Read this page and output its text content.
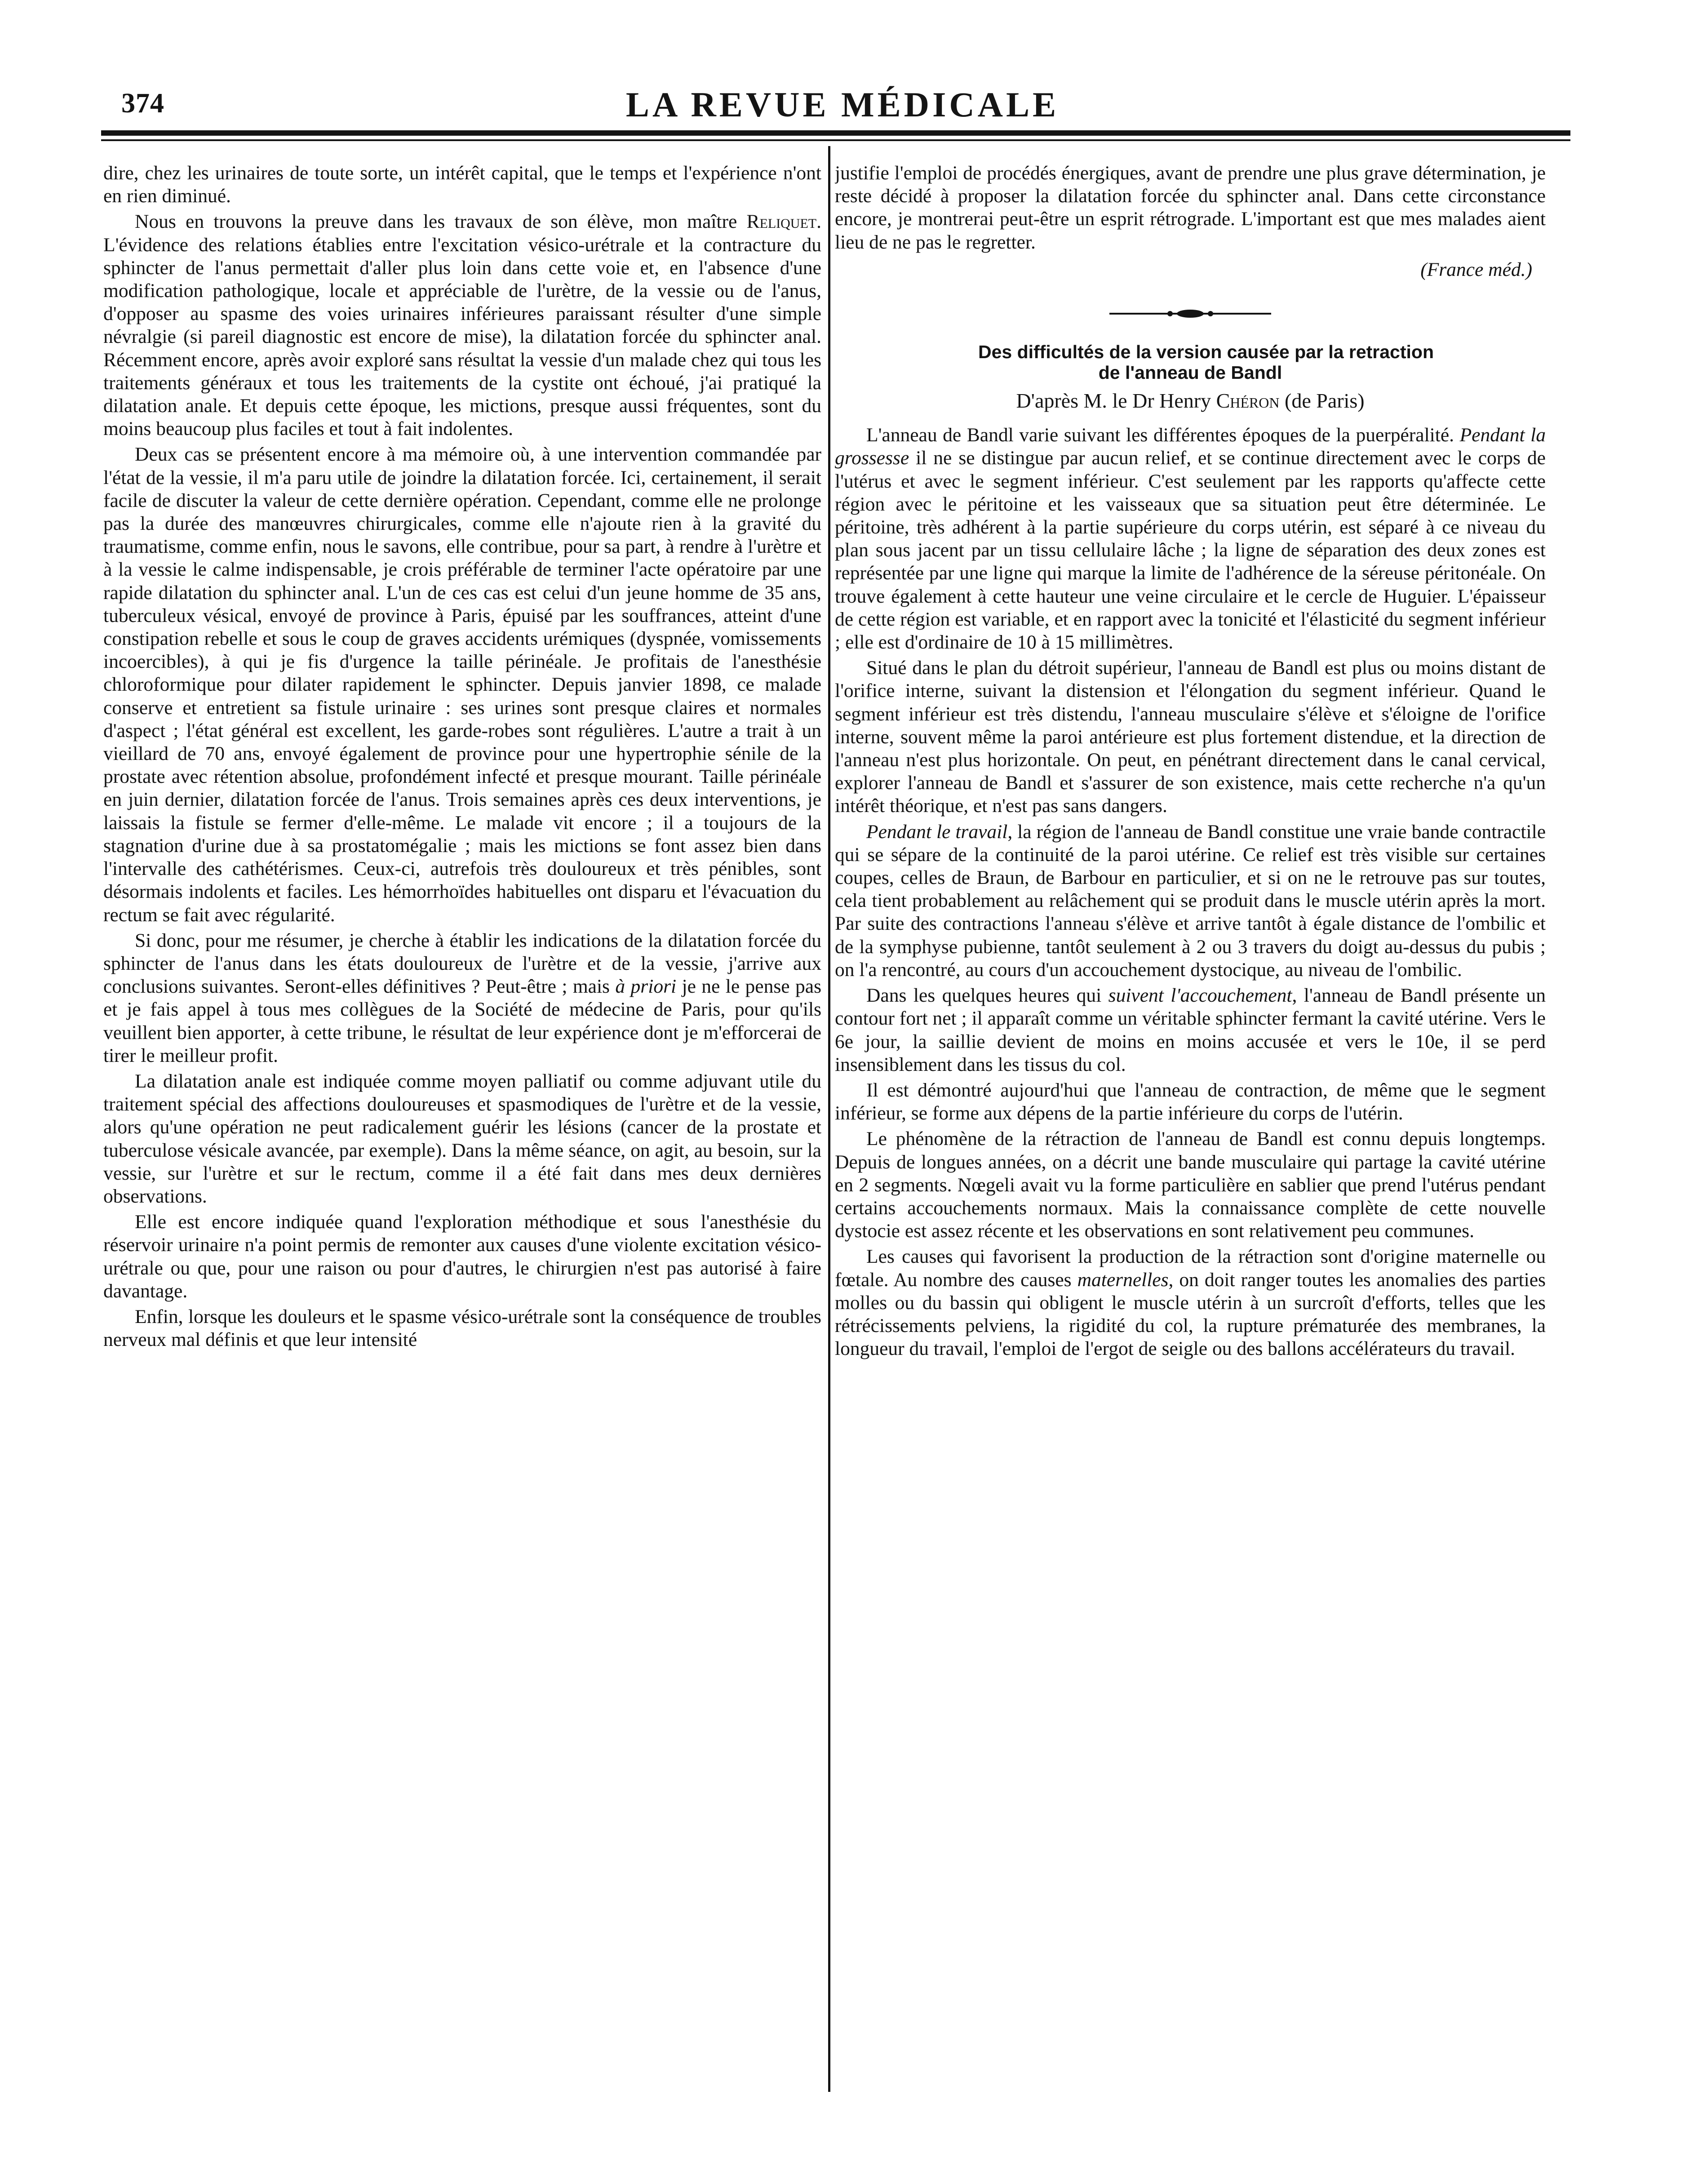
374	LA REVUE MÉDICALE

dire, chez les urinaires de toute sorte, un intérêt capital, que le temps et l'expérience n'ont en rien diminué.

Nous en trouvons la preuve dans les travaux de son élève, mon maître Reliquet. L'évidence des relations établies entre l'excitation vésico-urétrale et la contracture du sphincter de l'anus permettait d'aller plus loin dans cette voie et, en l'absence d'une modification pathologique, locale et appréciable de l'urètre, de la vessie ou de l'anus, d'opposer au spasme des voies urinaires inférieures paraissant résulter d'une simple névralgie (si pareil diagnostic est encore de mise), la dilatation forcée du sphincter anal. Récemment encore, après avoir exploré sans résultat la vessie d'un malade chez qui tous les traitements généraux et tous les traitements de la cystite ont échoué, j'ai pratiqué la dilatation anale. Et depuis cette époque, les mictions, presque aussi fréquentes, sont du moins beaucoup plus faciles et tout à fait indolentes.

Deux cas se présentent encore à ma mémoire où, à une intervention commandée par l'état de la vessie, il m'a paru utile de joindre la dilatation forcée. Ici, certainement, il serait facile de discuter la valeur de cette dernière opération. Cependant, comme elle ne prolonge pas la durée des manœuvres chirurgicales, comme elle n'ajoute rien à la gravité du traumatisme, comme enfin, nous le savons, elle contribue, pour sa part, à rendre à l'urètre et à la vessie le calme indispensable, je crois préférable de terminer l'acte opératoire par une rapide dilatation du sphincter anal. L'un de ces cas est celui d'un jeune homme de 35 ans, tuberculeux vésical, envoyé de province à Paris, épuisé par les souffrances, atteint d'une constipation rebelle et sous le coup de graves accidents urémiques (dyspnée, vomissements incoercibles), à qui je fis d'urgence la taille périnéale. Je profitais de l'anesthésie chloroformique pour dilater rapidement le sphincter. Depuis janvier 1898, ce malade conserve et entretient sa fistule urinaire : ses urines sont presque claires et normales d'aspect ; l'état général est excellent, les garde-robes sont régulières. L'autre a trait à un vieillard de 70 ans, envoyé également de province pour une hypertrophie sénile de la prostate avec rétention absolue, profondément infecté et presque mourant. Taille périnéale en juin dernier, dilatation forcée de l'anus. Trois semaines après ces deux interventions, je laissais la fistule se fermer d'elle-même. Le malade vit encore ; il a toujours de la stagnation d'urine due à sa prostatomégalie ; mais les mictions se font assez bien dans l'intervalle des cathétérismes. Ceux-ci, autrefois très douloureux et très pénibles, sont désormais indolents et faciles. Les hémorrhoïdes habituelles ont disparu et l'évacuation du rectum se fait avec régularité.

Si donc, pour me résumer, je cherche à établir les indications de la dilatation forcée du sphincter de l'anus dans les états douloureux de l'urètre et de la vessie, j'arrive aux conclusions suivantes. Seront-elles définitives ? Peut-être ; mais à priori je ne le pense pas et je fais appel à tous mes collègues de la Société de médecine de Paris, pour qu'ils veuillent bien apporter, à cette tribune, le résultat de leur expérience dont je m'efforcerai de tirer le meilleur profit.

La dilatation anale est indiquée comme moyen palliatif ou comme adjuvant utile du traitement spécial des affections douloureuses et spasmodiques de l'urètre et de la vessie, alors qu'une opération ne peut radicalement guérir les lésions (cancer de la prostate et tuberculose vésicale avancée, par exemple). Dans la même séance, on agit, au besoin, sur la vessie, sur l'urètre et sur le rectum, comme il a été fait dans mes deux dernières observations.

Elle est encore indiquée quand l'exploration méthodique et sous l'anesthésie du réservoir urinaire n'a point permis de remonter aux causes d'une violente excitation vésico-urétrale ou que, pour une raison ou pour d'autres, le chirurgien n'est pas autorisé à faire davantage.

Enfin, lorsque les douleurs et le spasme vésico-urétrale sont la conséquence de troubles nerveux mal définis et que leur intensité

justifie l'emploi de procédés énergiques, avant de prendre une plus grave détermination, je reste décidé à proposer la dilatation forcée du sphincter anal. Dans cette circonstance encore, je montrerai peut-être un esprit rétrograde. L'important est que mes malades aient lieu de ne pas le regretter.

(France méd.)

Des difficultés de la version causée par la retraction
de l'anneau de Bandl

D'après M. le Dr Henry Chéron (de Paris)

L'anneau de Bandl varie suivant les différentes époques de la puerpéralité. Pendant la grossesse il ne se distingue par aucun relief, et se continue directement avec le corps de l'utérus et avec le segment inférieur. C'est seulement par les rapports qu'affecte cette région avec le péritoine et les vaisseaux que sa situation peut être déterminée. Le péritoine, très adhérent à la partie supérieure du corps utérin, est séparé à ce niveau du plan sous jacent par un tissu cellulaire lâche ; la ligne de séparation des deux zones est représentée par une ligne qui marque la limite de l'adhérence de la séreuse péritonéale. On trouve également à cette hauteur une veine circulaire et le cercle de Huguier. L'épaisseur de cette région est variable, et en rapport avec la tonicité et l'élasticité du segment inférieur ; elle est d'ordinaire de 10 à 15 millimètres.

Situé dans le plan du détroit supérieur, l'anneau de Bandl est plus ou moins distant de l'orifice interne, suivant la distension et l'élongation du segment inférieur. Quand le segment inférieur est très distendu, l'anneau musculaire s'élève et s'éloigne de l'orifice interne, souvent même la paroi antérieure est plus fortement distendue, et la direction de l'anneau n'est plus horizontale. On peut, en pénétrant directement dans le canal cervical, explorer l'anneau de Bandl et s'assurer de son existence, mais cette recherche n'a qu'un intérêt théorique, et n'est pas sans dangers.

Pendant le travail, la région de l'anneau de Bandl constitue une vraie bande contractile qui se sépare de la continuité de la paroi utérine. Ce relief est très visible sur certaines coupes, celles de Braun, de Barbour en particulier, et si on ne le retrouve pas sur toutes, cela tient probablement au relâchement qui se produit dans le muscle utérin après la mort. Par suite des contractions l'anneau s'élève et arrive tantôt à égale distance de l'ombilic et de la symphyse pubienne, tantôt seulement à 2 ou 3 travers du doigt au-dessus du pubis ; on l'a rencontré, au cours d'un accouchement dystocique, au niveau de l'ombilic.

Dans les quelques heures qui suivent l'accouchement, l'anneau de Bandl présente un contour fort net ; il apparaît comme un véritable sphincter fermant la cavité utérine. Vers le 6e jour, la saillie devient de moins en moins accusée et vers le 10e, il se perd insensiblement dans les tissus du col.

Il est démontré aujourd'hui que l'anneau de contraction, de même que le segment inférieur, se forme aux dépens de la partie inférieure du corps de l'utérin.

Le phénomène de la rétraction de l'anneau de Bandl est connu depuis longtemps. Depuis de longues années, on a décrit une bande musculaire qui partage la cavité utérine en 2 segments. Nœgeli avait vu la forme particulière en sablier que prend l'utérus pendant certains accouchements normaux. Mais la connaissance complète de cette nouvelle dystocie est assez récente et les observations en sont relativement peu communes.

Les causes qui favorisent la production de la rétraction sont d'origine maternelle ou fœtale. Au nombre des causes maternelles, on doit ranger toutes les anomalies des parties molles ou du bassin qui obligent le muscle utérin à un surcroît d'efforts, telles que les rétrécissements pelviens, la rigidité du col, la rupture prématurée des membranes, la longueur du travail, l'emploi de l'ergot de seigle ou des ballons accélérateurs du travail.
